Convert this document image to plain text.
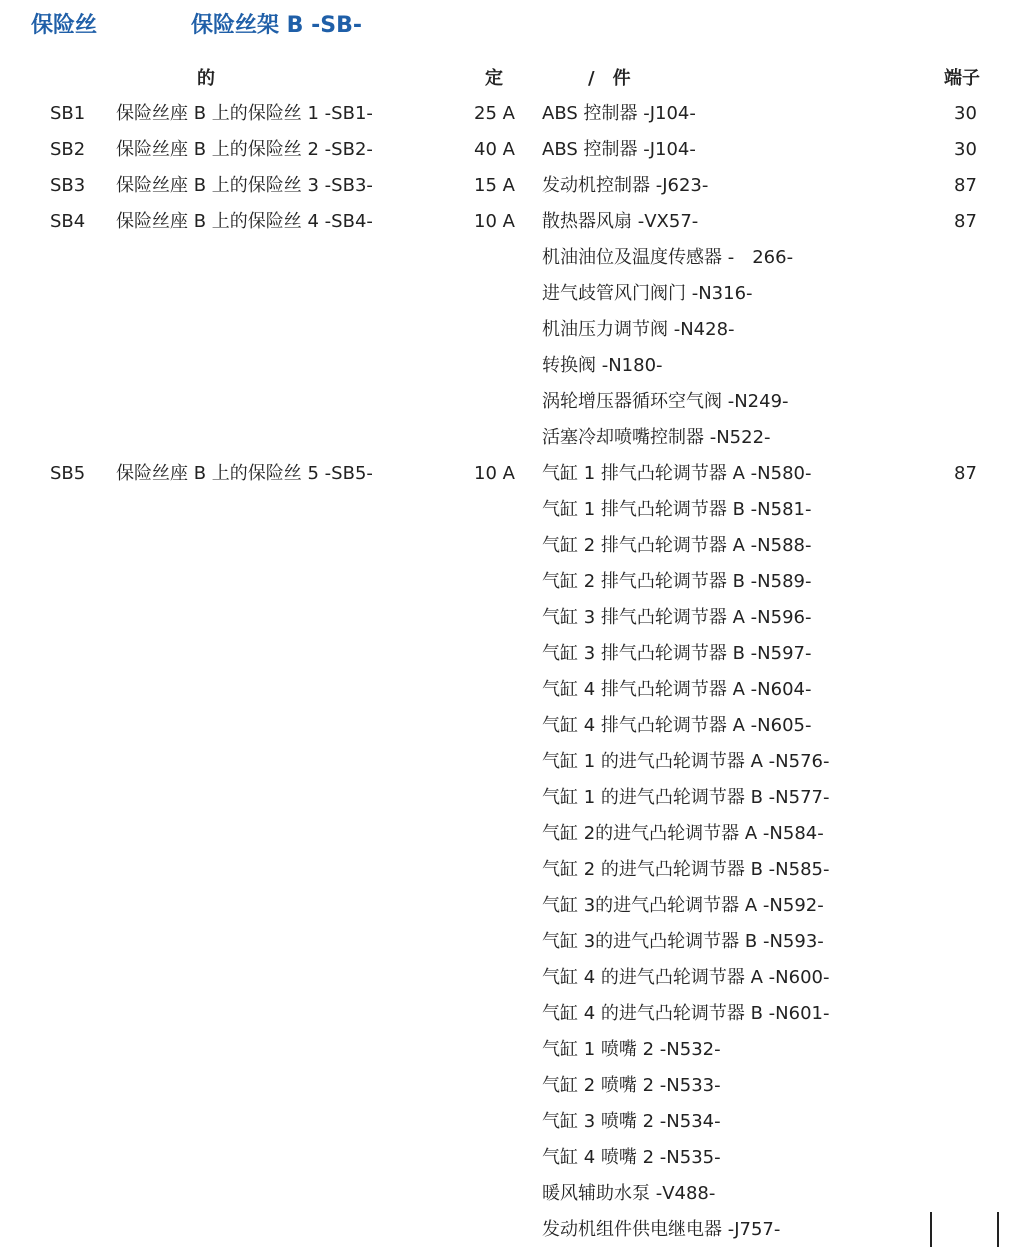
保险丝	保险丝架 B -SB-
的	定	/　件	端子
SB1 保险丝座 B 上的保险丝 1 -SB1-	25 A ABS 控制器 -J104-	30
SB2 保险丝座 B 上的保险丝 2 -SB2-	40 A ABS 控制器 -J104-	30
SB3 保险丝座 B 上的保险丝 3 -SB3-	15 A 发动机控制器 -J623-	87
SB4 保险丝座 B 上的保险丝 4 -SB4-	10 A 散热器风扇 -VX57-	87
机油油位及温度传感器 -　266-
进气歧管风门阀门 -N316-
机油压力调节阀 -N428-
转换阀 -N180-
涡轮增压器循环空气阀 -N249-
活塞冷却喷嘴控制器 -N522-
SB5 保险丝座 B 上的保险丝 5 -SB5-	10 A 气缸 1 排气凸轮调节器 A -N580-	87
气缸 1 排气凸轮调节器 B -N581-
气缸 2 排气凸轮调节器 A -N588-
气缸 2 排气凸轮调节器 B -N589-
气缸 3 排气凸轮调节器 A -N596-
气缸 3 排气凸轮调节器 B -N597-
气缸 4 排气凸轮调节器 A -N604-
气缸 4 排气凸轮调节器 A -N605-
气缸 1 的进气凸轮调节器 A -N576-
气缸 1 的进气凸轮调节器 B -N577-
气缸 2的进气凸轮调节器 A -N584-
气缸 2 的进气凸轮调节器 B -N585-
气缸 3的进气凸轮调节器 A -N592-
气缸 3的进气凸轮调节器 B -N593-
气缸 4 的进气凸轮调节器 A -N600-
气缸 4 的进气凸轮调节器 B -N601-
气缸 1 喷嘴 2 -N532-
气缸 2 喷嘴 2 -N533-
气缸 3 喷嘴 2 -N534-
气缸 4 喷嘴 2 -N535-
暖风辅助水泵 -V488-
发动机组件供电继电器 -J757-
